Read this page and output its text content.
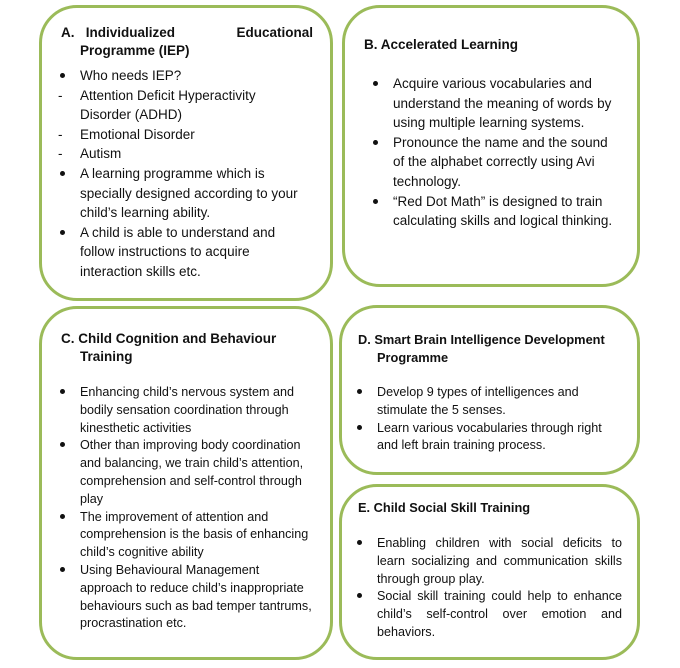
A. Individualized	Educational
Programme (IEP)
Who needs IEP?
-	Attention Deficit Hyperactivity Disorder (ADHD)
-	Emotional Disorder
-	Autism
A learning programme which is specially designed according to your child’s learning ability.
A child is able to understand and follow instructions to acquire interaction skills etc.
B. Accelerated Learning
Acquire various vocabularies and understand the meaning of words by using multiple learning systems.
Pronounce the name and the sound of the alphabet correctly using Avi technology.
“Red Dot Math” is designed to train calculating skills and logical thinking.
C. Child Cognition and Behaviour
Training
Enhancing child’s nervous system and bodily sensation coordination through kinesthetic activities
Other than improving body coordination and balancing, we train child’s attention, comprehension and self-control through play
The improvement of attention and comprehension is the basis of enhancing child’s cognitive ability
Using Behavioural Management approach to reduce child’s inappropriate behaviours such as bad temper tantrums, procrastination etc.
D. Smart Brain Intelligence Development
Programme
Develop 9 types of intelligences and stimulate the 5 senses.
Learn various vocabularies through right and left brain training process.
E. Child Social Skill Training
Enabling children with social deficits to learn socializing and communication skills through group play.
Social skill training could help to enhance child’s self-control over emotion and behaviors.
